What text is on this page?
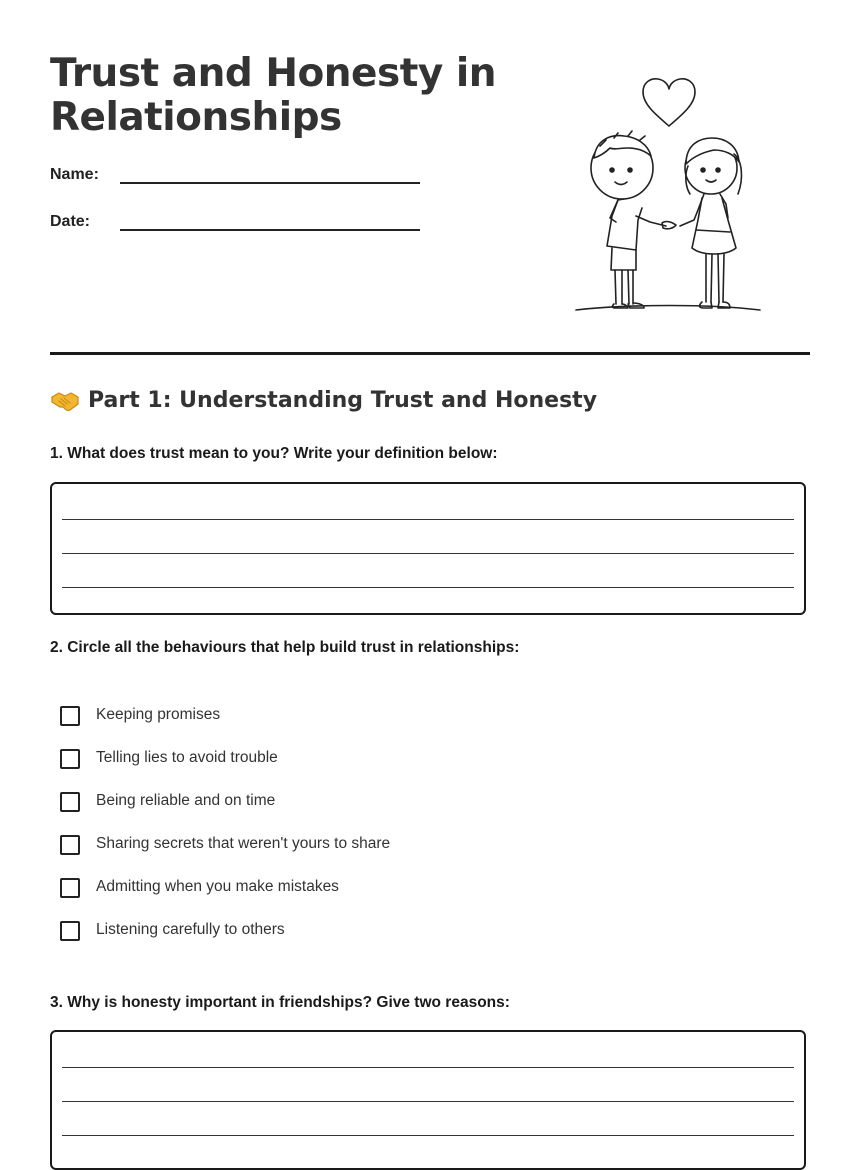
Trust and Honesty in Relationships
Name:
Date:
Part 1: Understanding Trust and Honesty

1. What does trust mean to you? Write your definition below:

2. Circle all the behaviours that help build trust in relationships:

Keeping promises
Telling lies to avoid trouble
Being reliable and on time
Sharing secrets that weren't yours to share
Admitting when you make mistakes
Listening carefully to others

3. Why is honesty important in friendships? Give two reasons:
